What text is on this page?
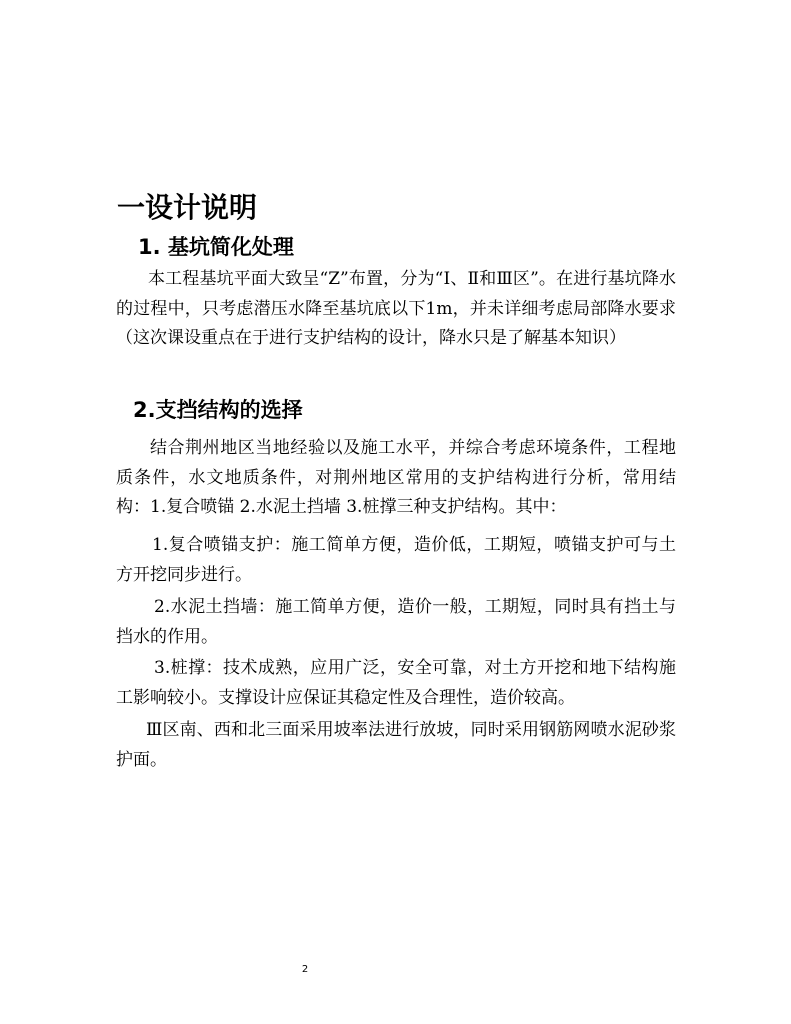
一设计说明
1. 基坑简化处理
本工程基坑平面大致呈“Z”布置，分为“Ⅰ、Ⅱ和Ⅲ区”。在进行基坑降水的过程中，只考虑潜压水降至基坑底以下1m，并未详细考虑局部降水要求（这次课设重点在于进行支护结构的设计，降水只是了解基本知识）
2.支挡结构的选择
结合荆州地区当地经验以及施工水平，并综合考虑环境条件，工程地质条件，水文地质条件，对荆州地区常用的支护结构进行分析，常用结构：1.复合喷锚 2.水泥土挡墙 3.桩撑三种支护结构。其中：
1.复合喷锚支护：施工简单方便，造价低，工期短，喷锚支护可与土方开挖同步进行。
2.水泥土挡墙：施工简单方便，造价一般，工期短，同时具有挡土与挡水的作用。
3.桩撑：技术成熟，应用广泛，安全可靠，对土方开挖和地下结构施工影响较小。支撑设计应保证其稳定性及合理性，造价较高。
Ⅲ区南、西和北三面采用坡率法进行放坡，同时采用钢筋网喷水泥砂浆护面。
2
